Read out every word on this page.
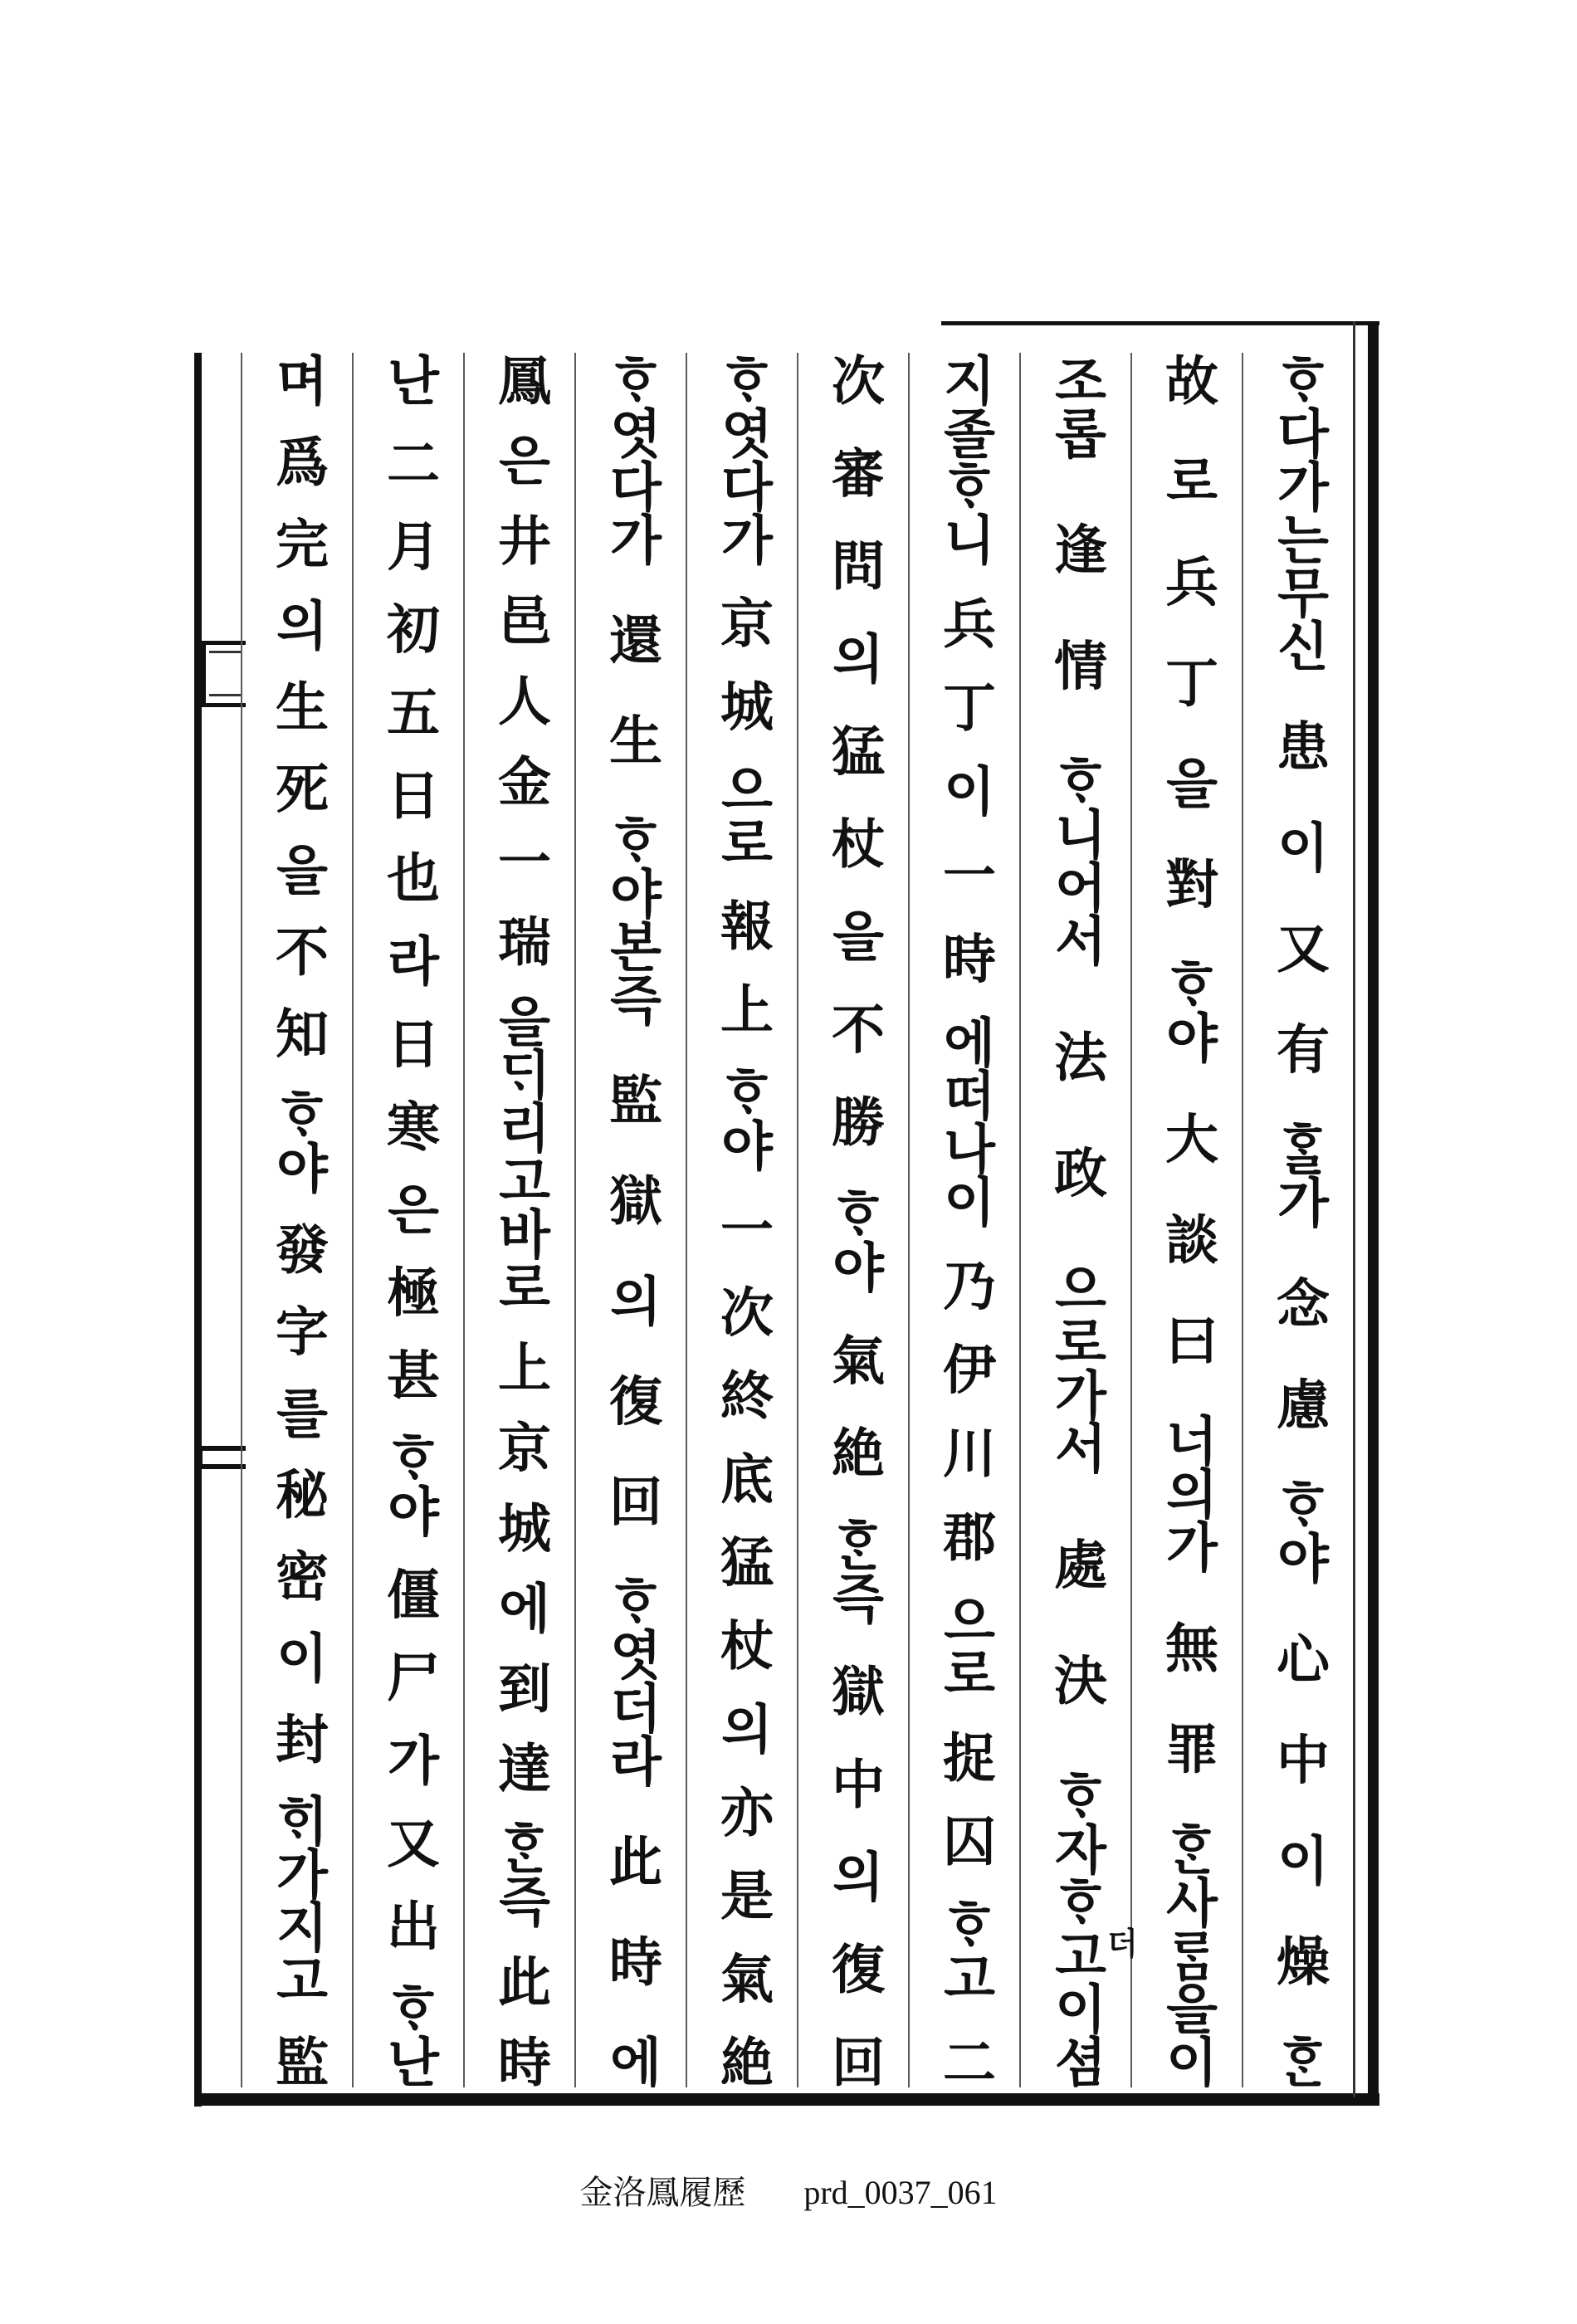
ᄒᆞ다가는무신患이又有ᄒᆞᆯ가念慮ᄒᆞ야心中이燥ᄒᆞᆫ
故로兵丁을對ᄒᆞ야大談曰너의가無罪ᄒᆞᆫ사ᄅᆞᆷ을이
조롭逢情ᄒᆞ니어서法政으로가서處決ᄒᆞ자ᄒᆞ고이셤
지졸ᄒᆞ니兵丁이一時에떠나이乃伊川郡으로捉囚ᄒᆞ고二
次審問의猛杖을不勝ᄒᆞ야氣絶ᄒᆞᆫ즉獄中의復回
ᄒᆞ엿다가京城으로報上ᄒᆞ야一次終底猛杖의亦是氣絶
ᄒᆞ엿다가還生ᄒᆞ야본즉監獄의復回ᄒᆞ엿더라此時에
鳳은井邑人金一瑞을ᄃᆡ리고바로上京城에到達ᄒᆞᆫ즉此時
난二月初五日也라日寒은極甚ᄒᆞ야僵尸가又出ᄒᆞ난
며爲完의生死을不知ᄒᆞ야發字를秘密이封ᄒᆡ가지고監	더
金洛鳳履歷 prd_0037_061
